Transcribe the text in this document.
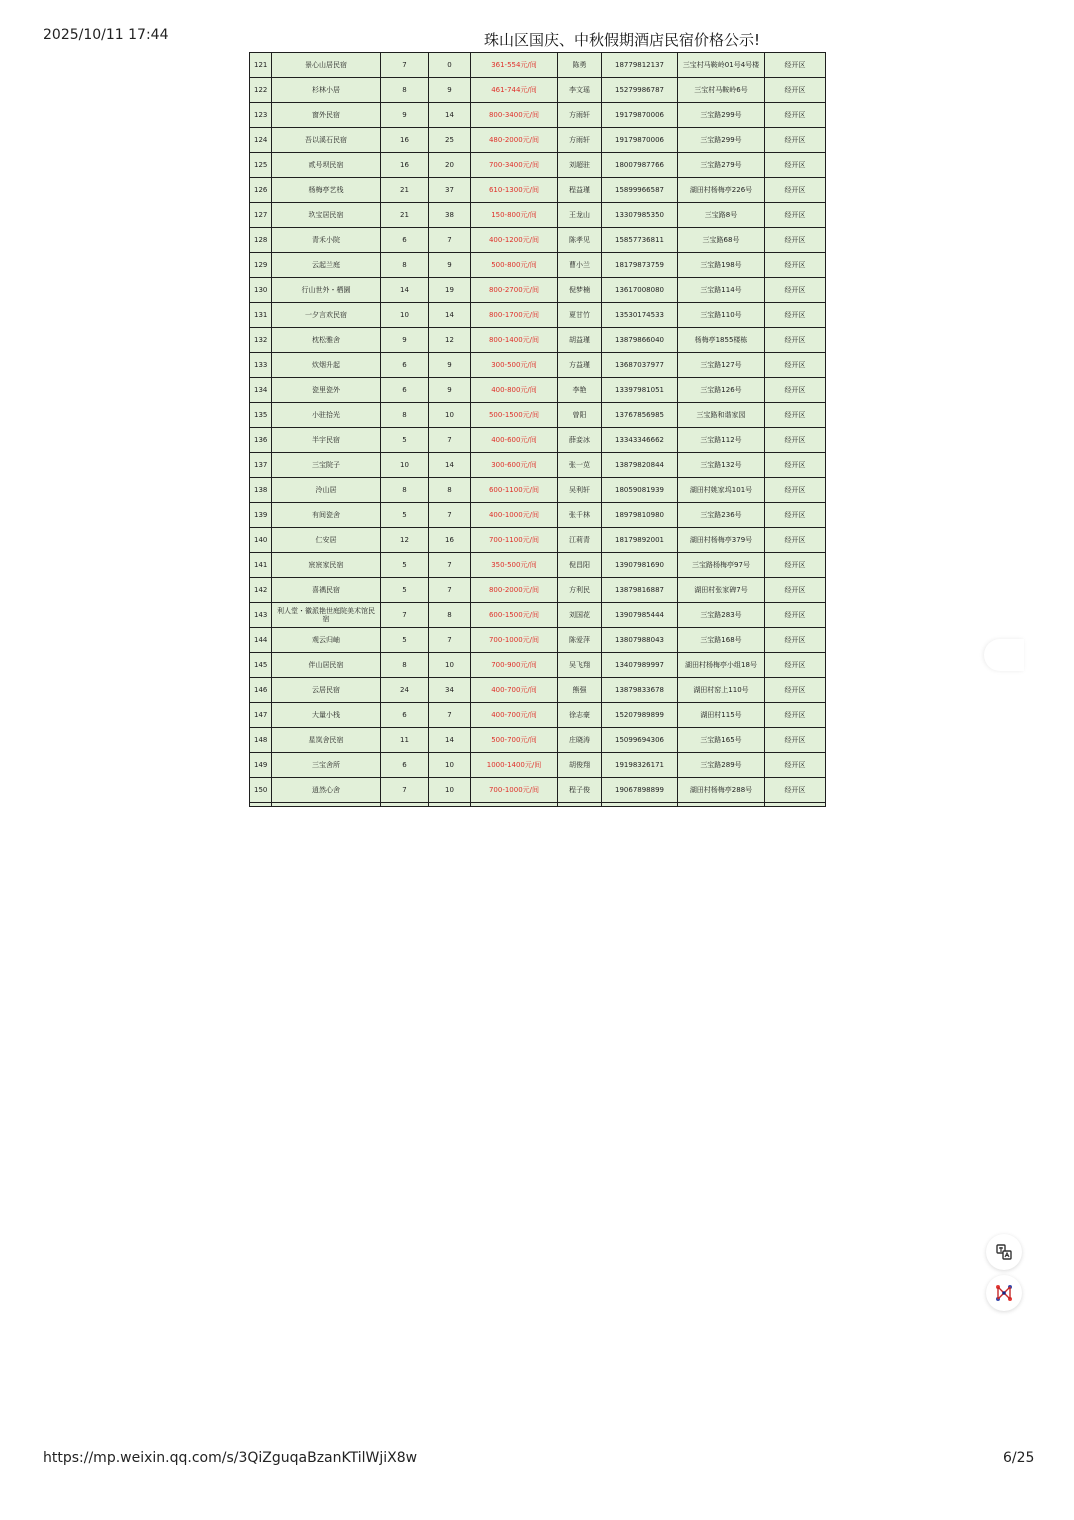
2025/10/11 17:44	珠山区国庆、中秋假期酒店民宿价格公示!
121	景心山居民宿	7	0	361-554元/间	陈勇	18779812137	三宝村马鞍岭01号4号楼	经开区
122	杉林小居	8	9	461-744元/间	李文瑶	15279986787	三宝村马鞍岭6号	经开区
123	窗外民宿	9	14	800-3400元/间	方雨轩	19179870006	三宝路299号	经开区
124	吾以溪石民宿	16	25	480-2000元/间	方雨轩	19179870006	三宝路299号	经开区
125	贰号坝民宿	16	20	700-3400元/间	刘超驻	18007987766	三宝路279号	经开区
126	杨梅亭艺栈	21	37	610-1300元/间	程益瑾	15899966587	湖田村杨梅亭226号	经开区
127	玖宝居民宿	21	38	150-800元/间	王龙山	13307985350	三宝路8号	经开区
128	青禾小院	6	7	400-1200元/间	陈孝见	15857736811	三宝路68号	经开区
129	云起兰庭	8	9	500-800元/间	曹小兰	18179873759	三宝路198号	经开区
130	行山世外・栖園	14	19	800-2700元/间	倪梦楠	13617008080	三宝路114号	经开区
131	一夕言欢民宿	10	14	800-1700元/间	夏甘竹	13530174533	三宝路110号	经开区
132	枕松雅舍	9	12	800-1400元/间	胡益瑾	13879866040	杨梅亭1855楼栋	经开区
133	炊烟升起	6	9	300-500元/间	方益瑾	13687037977	三宝路127号	经开区
134	瓷里瓷外	6	9	400-800元/间	李艳	13397981051	三宝路126号	经开区
135	小驻拾光	8	10	500-1500元/间	曾阳	13767856985	三宝路和谐家园	经开区
136	半宇民宿	5	7	400-600元/间	薛妾冰	13343346662	三宝路112号	经开区
137	三宝院子	10	14	300-600元/间	张一苋	13879820844	三宝路132号	经开区
138	泠山居	8	8	600-1100元/间	吴利轩	18059081939	湖田村姚家坞101号	经开区
139	有间瓷舍	5	7	400-1000元/间	张千林	18979810980	三宝路236号	经开区
140	仁安居	12	16	700-1100元/间	江莉青	18179892001	湖田村杨梅亭379号	经开区
141	宸宸家民宿	5	7	350-500元/间	倪昌阳	13907981690	三宝路杨梅亭97号	经开区
142	喜禑民宿	5	7	800-2000元/间	方利民	13879816887	湖田村张家碑7号	经开区
143	利人堂・徽派艳世庭院美术馆民宿	7	8	600-1500元/间	刘国花	13907985444	三宝路283号	经开区
144	观云归岫	5	7	700-1000元/间	陈爱萍	13807988043	三宝路168号	经开区
145	伴山居民宿	8	10	700-900元/间	吴飞翔	13407989997	湖田村杨梅亭小组18号	经开区
146	云居民宿	24	34	400-700元/间	熊强	13879833678	湖田村窑上110号	经开区
147	大量小栈	6	7	400-700元/间	徐志豪	15207989899	湖田村115号	经开区
148	星岚舍民宿	11	14	500-700元/间	庄晓涛	15099694306	三宝路165号	经开区
149	三宝舍所	6	10	1000-1400元/间	胡俊翔	19198326171	三宝路289号	经开区
150	逍然心舍	7	10	700-1000元/间	程子俊	19067898899	湖田村杨梅亭288号	经开区

https://mp.weixin.qq.com/s/3QiZguqaBzanKTilWjiX8w	6/25
